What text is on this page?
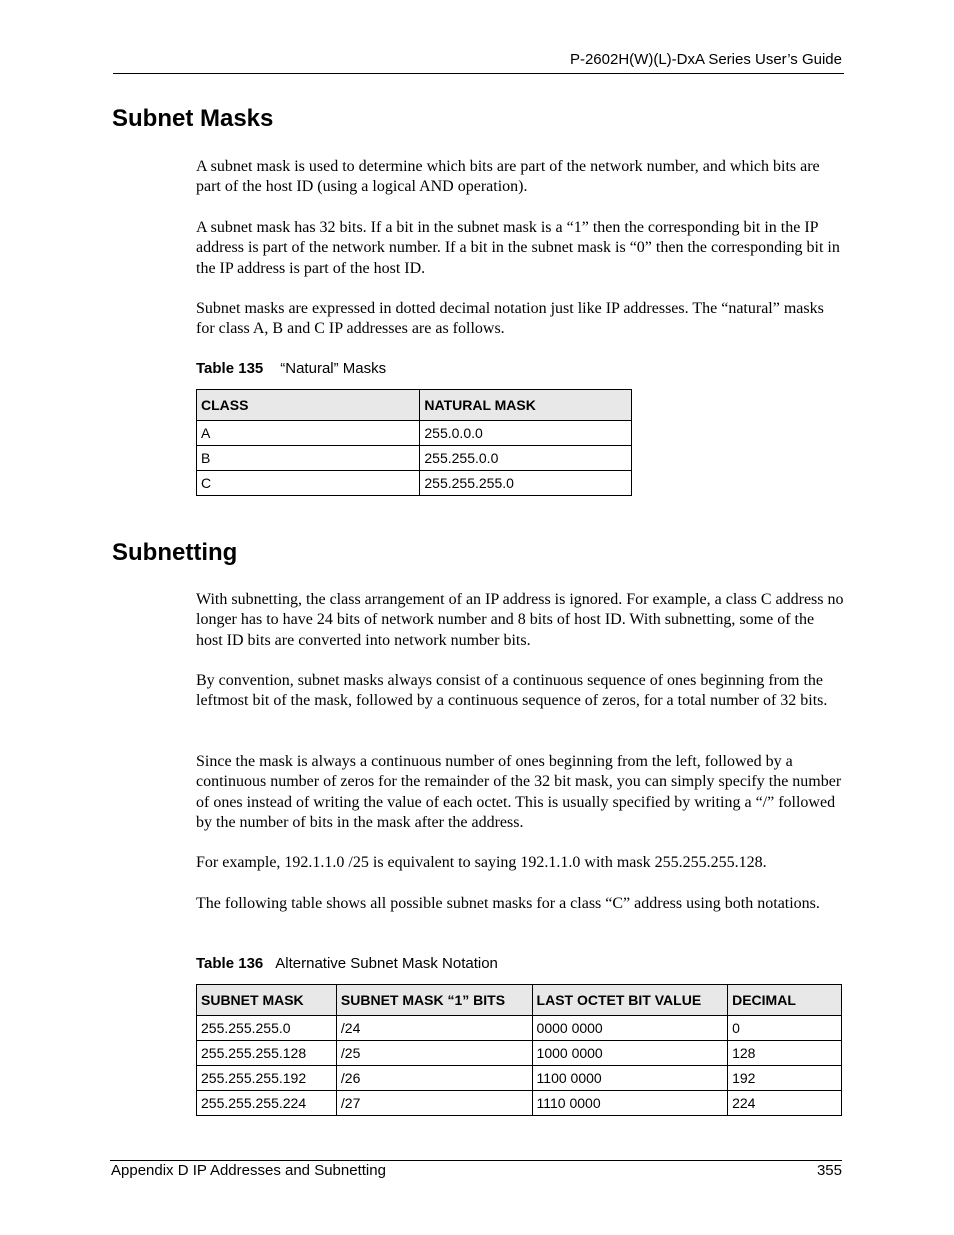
P-2602H(W)(L)-DxA Series User’s Guide
Subnet Masks

A subnet mask is used to determine which bits are part of the network number, and which bits are part of the host ID (using a logical AND operation).

A subnet mask has 32 bits. If a bit in the subnet mask is a “1” then the corresponding bit in the IP address is part of the network number. If a bit in the subnet mask is “0” then the corresponding bit in the IP address is part of the host ID.

Subnet masks are expressed in dotted decimal notation just like IP addresses. The “natural” masks for class A, B and C IP addresses are as follows.

Table 135 “Natural” Masks
CLASS	NATURAL MASK
A	255.0.0.0
B	255.255.0.0
C	255.255.255.0
Subnetting

With subnetting, the class arrangement of an IP address is ignored. For example, a class C address no longer has to have 24 bits of network number and 8 bits of host ID. With subnetting, some of the host ID bits are converted into network number bits.

By convention, subnet masks always consist of a continuous sequence of ones beginning from the leftmost bit of the mask, followed by a continuous sequence of zeros, for a total number of 32 bits.

Since the mask is always a continuous number of ones beginning from the left, followed by a continuous number of zeros for the remainder of the 32 bit mask, you can simply specify the number of ones instead of writing the value of each octet. This is usually specified by writing a “/” followed by the number of bits in the mask after the address.

For example, 192.1.1.0 /25 is equivalent to saying 192.1.1.0 with mask 255.255.255.128.

The following table shows all possible subnet masks for a class “C” address using both notations.

Table 136 Alternative Subnet Mask Notation
SUBNET MASK	SUBNET MASK “1” BITS	LAST OCTET BIT VALUE	DECIMAL
255.255.255.0	/24	0000 0000	0
255.255.255.128	/25	1000 0000	128
255.255.255.192	/26	1100 0000	192
255.255.255.224	/27	1110 0000	224
Appendix D IP Addresses and Subnetting	355
